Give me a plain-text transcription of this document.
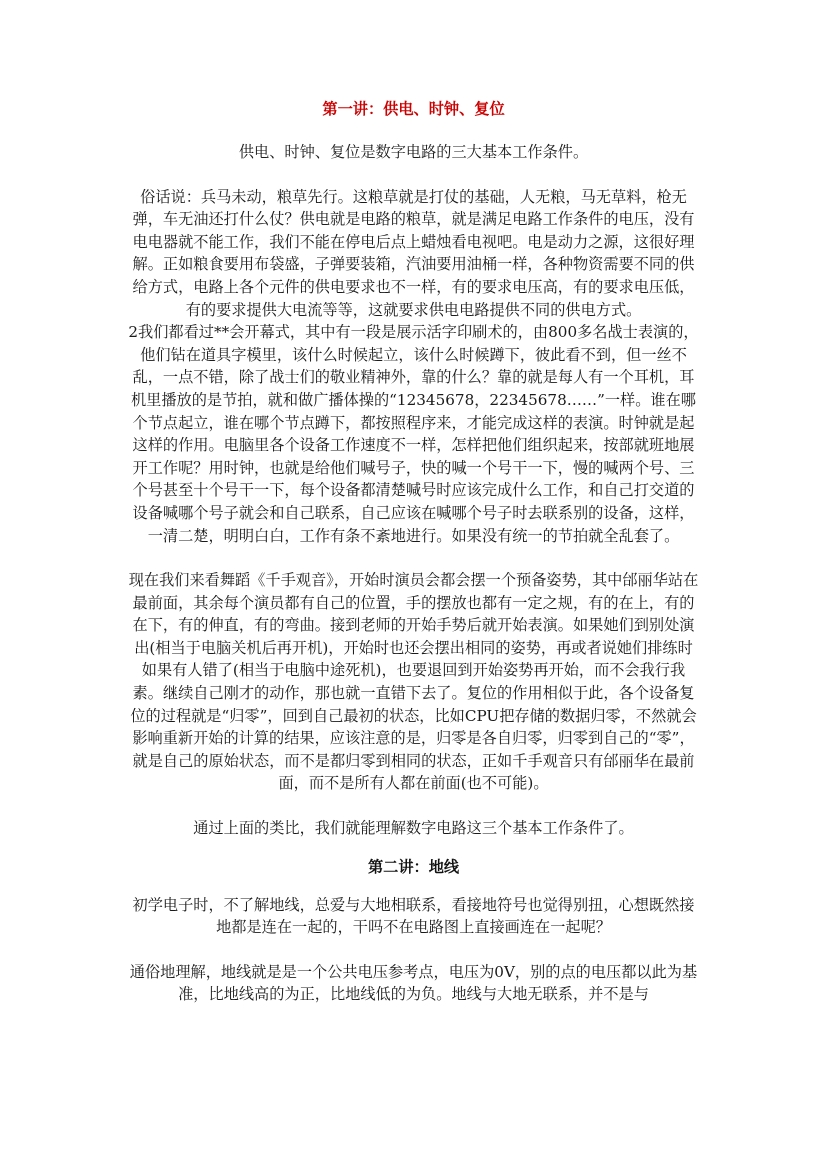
第一讲：供电、时钟、复位

供电、时钟、复位是数字电路的三大基本工作条件。

俗话说：兵马未动，粮草先行。这粮草就是打仗的基础，人无粮，马无草料，枪无弹，车无油还打什么仗？供电就是电路的粮草，就是满足电路工作条件的电压，没有电电器就不能工作，我们不能在停电后点上蜡烛看电视吧。电是动力之源，这很好理解。正如粮食要用布袋盛，子弹要装箱，汽油要用油桶一样，各种物资需要不同的供给方式，电路上各个元件的供电要求也不一样，有的要求电压高，有的要求电压低，有的要求提供大电流等等，这就要求供电电路提供不同的供电方式。

2我们都看过**会开幕式，其中有一段是展示活字印刷术的，由800多名战士表演的，他们钻在道具字模里，该什么时候起立，该什么时候蹲下，彼此看不到，但一丝不乱，一点不错，除了战士们的敬业精神外，靠的什么？靠的就是每人有一个耳机，耳机里播放的是节拍，就和做广播体操的“12345678，22345678……”一样。谁在哪个节点起立，谁在哪个节点蹲下，都按照程序来，才能完成这样的表演。时钟就是起这样的作用。电脑里各个设备工作速度不一样，怎样把他们组织起来，按部就班地展开工作呢？用时钟，也就是给他们喊号子，快的喊一个号干一下，慢的喊两个号、三个号甚至十个号干一下，每个设备都清楚喊号时应该完成什么工作，和自己打交道的设备喊哪个号子就会和自己联系，自己应该在喊哪个号子时去联系别的设备，这样，一清二楚，明明白白，工作有条不紊地进行。如果没有统一的节拍就全乱套了。

现在我们来看舞蹈《千手观音》，开始时演员会都会摆一个预备姿势，其中邰丽华站在最前面，其余每个演员都有自己的位置，手的摆放也都有一定之规，有的在上，有的在下，有的伸直，有的弯曲。接到老师的开始手势后就开始表演。如果她们到别处演出(相当于电脑关机后再开机)，开始时也还会摆出相同的姿势，再或者说她们排练时如果有人错了(相当于电脑中途死机)，也要退回到开始姿势再开始，而不会我行我素。继续自己刚才的动作，那也就一直错下去了。复位的作用相似于此，各个设备复位的过程就是“归零”，回到自己最初的状态，比如CPU把存储的数据归零，不然就会影响重新开始的计算的结果，应该注意的是，归零是各自归零，归零到自己的“零”，就是自己的原始状态，而不是都归零到相同的状态，正如千手观音只有邰丽华在最前面，而不是所有人都在前面(也不可能)。

通过上面的类比，我们就能理解数字电路这三个基本工作条件了。

第二讲：地线

初学电子时，不了解地线，总爱与大地相联系，看接地符号也觉得别扭，心想既然接地都是连在一起的，干吗不在电路图上直接画连在一起呢？

通俗地理解，地线就是是一个公共电压参考点，电压为0V，别的点的电压都以此为基准，比地线高的为正，比地线低的为负。地线与大地无联系，并不是与
